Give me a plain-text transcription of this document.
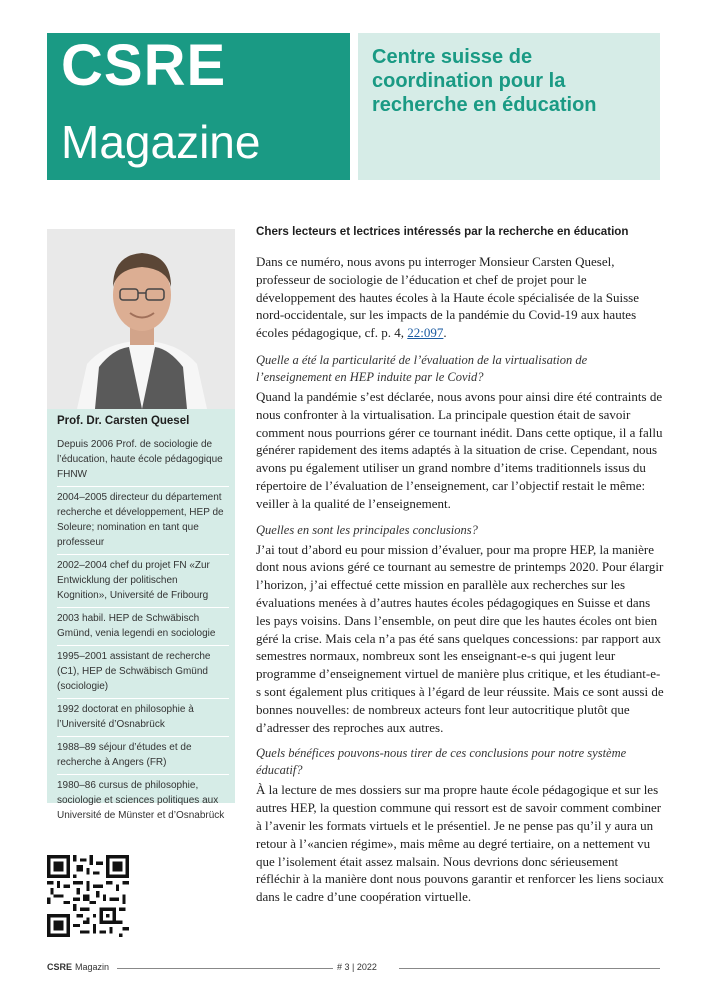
CSRE
Magazine
Centre suisse de
coordination pour la
recherche en éducation
Prof. Dr. Carsten Quesel
Depuis 2006 Prof. de sociologie de l’éducation, haute école pédagogique FHNW
2004–2005 directeur du département recherche et développement, HEP de Soleure; nomination en tant que professeur
2002–2004 chef du projet FN «Zur Entwicklung der politischen Kognition», Université de Fribourg
2003 habil. HEP de Schwäbisch Gmünd, venia legendi en sociologie
1995–2001 assistant de recherche (C1), HEP de Schwäbisch Gmünd (sociologie)
1992 doctorat en philosophie à l’Université d’Osnabrück
1988–89 séjour d’études et de recherche à Angers (FR)
1980–86 cursus de philosophie, sociologie et sciences politiques aux Université de Münster et d’Osnabrück
Chers lecteurs et lectrices intéressés par la recherche en éducation

Dans ce numéro, nous avons pu interroger Monsieur Carsten Quesel, professeur de sociologie de l’éducation et chef de projet pour le développement des hautes écoles à la Haute école spécialisée de la Suisse nord-occidentale, sur les impacts de la pandémie du Covid-19 aux hautes écoles pédagogique, cf. p. 4, 22:097.

Quelle a été la particularité de l’évaluation de la virtualisation de l’enseignement en HEP induite par le Covid?

Quand la pandémie s’est déclarée, nous avons pour ainsi dire été contraints de nous confronter à la virtualisation. La principale question était de savoir comment nous pourrions gérer ce tournant inédit. Dans cette optique, il a fallu générer rapidement des items adaptés à la situation de crise. Cependant, nous avons pu également utiliser un grand nombre d’items traditionnels issus du répertoire de l’évaluation de l’enseignement, car l’objectif restait le même: veiller à la qualité de l’enseignement.

Quelles en sont les principales conclusions?

J’ai tout d’abord eu pour mission d’évaluer, pour ma propre HEP, la manière dont nous avions géré ce tournant au semestre de printemps 2020. Pour élargir l’horizon, j’ai effectué cette mission en parallèle aux recherches sur les évaluations menées à d’autres hautes écoles pédagogiques en Suisse et dans les pays voisins. Dans l’ensemble, on peut dire que les hautes écoles ont bien géré la crise. Mais cela n’a pas été sans quelques concessions: par rapport aux semestres normaux, nombreux sont les enseignant-e-s qui jugent leur programme d’enseignement virtuel de manière plus critique, et les étudiant-e-s sont également plus critiques à l’égard de leur réussite. Mais ce sont aussi de bonnes nouvelles: de nombreux acteurs font leur autocritique plutôt que d’adresser des reproches aux autres.

Quels bénéfices pouvons-nous tirer de ces conclusions pour notre système éducatif?

À la lecture de mes dossiers sur ma propre haute école pédagogique et sur les autres HEP, la question commune qui ressort est de savoir comment combiner à l’avenir les formats virtuels et le présentiel. Je ne pense pas qu’il y aura un retour à l’«ancien régime», mais même au degré tertiaire, on a nettement vu que l’isolement était assez malsain. Nous devrions donc sérieusement réfléchir à la manière dont nous pouvons garantir et renforcer les liens sociaux dans le cadre d’une coopération virtuelle.

CSRE Magazin	# 3 | 2022
